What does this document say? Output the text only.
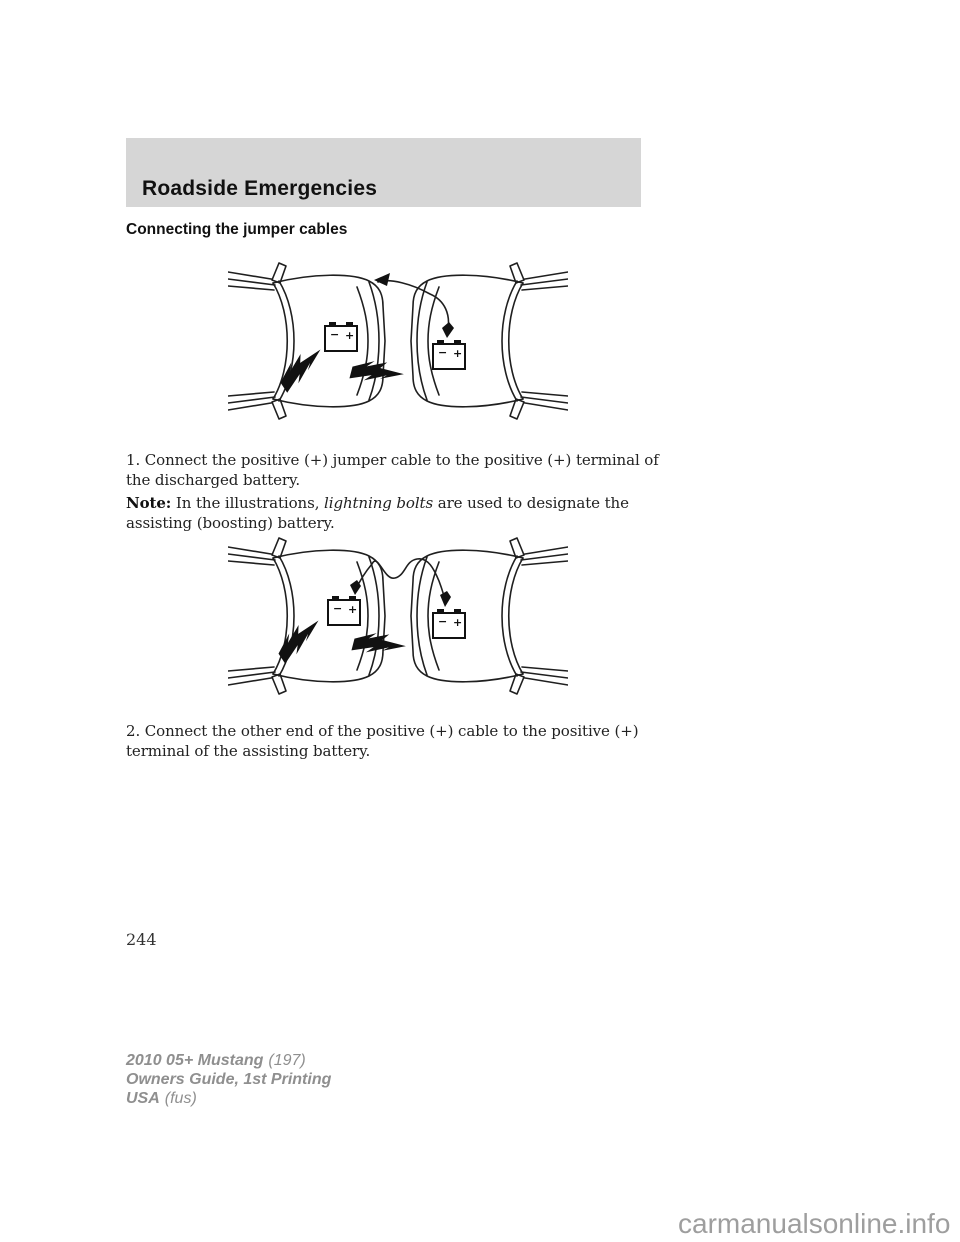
Roadside Emergencies
Connecting the jumper cables
− +
− +

1. Connect the positive (+) jumper cable to the positive (+) terminal of
the discharged battery.

Note: In the illustrations, lightning bolts are used to designate the
assisting (boosting) battery.

− +
− +

2. Connect the other end of the positive (+) cable to the positive (+)
terminal of the assisting battery.

244
2010 05+ Mustang (197)
Owners Guide, 1st Printing
USA (fus)
carmanualsonline.info
